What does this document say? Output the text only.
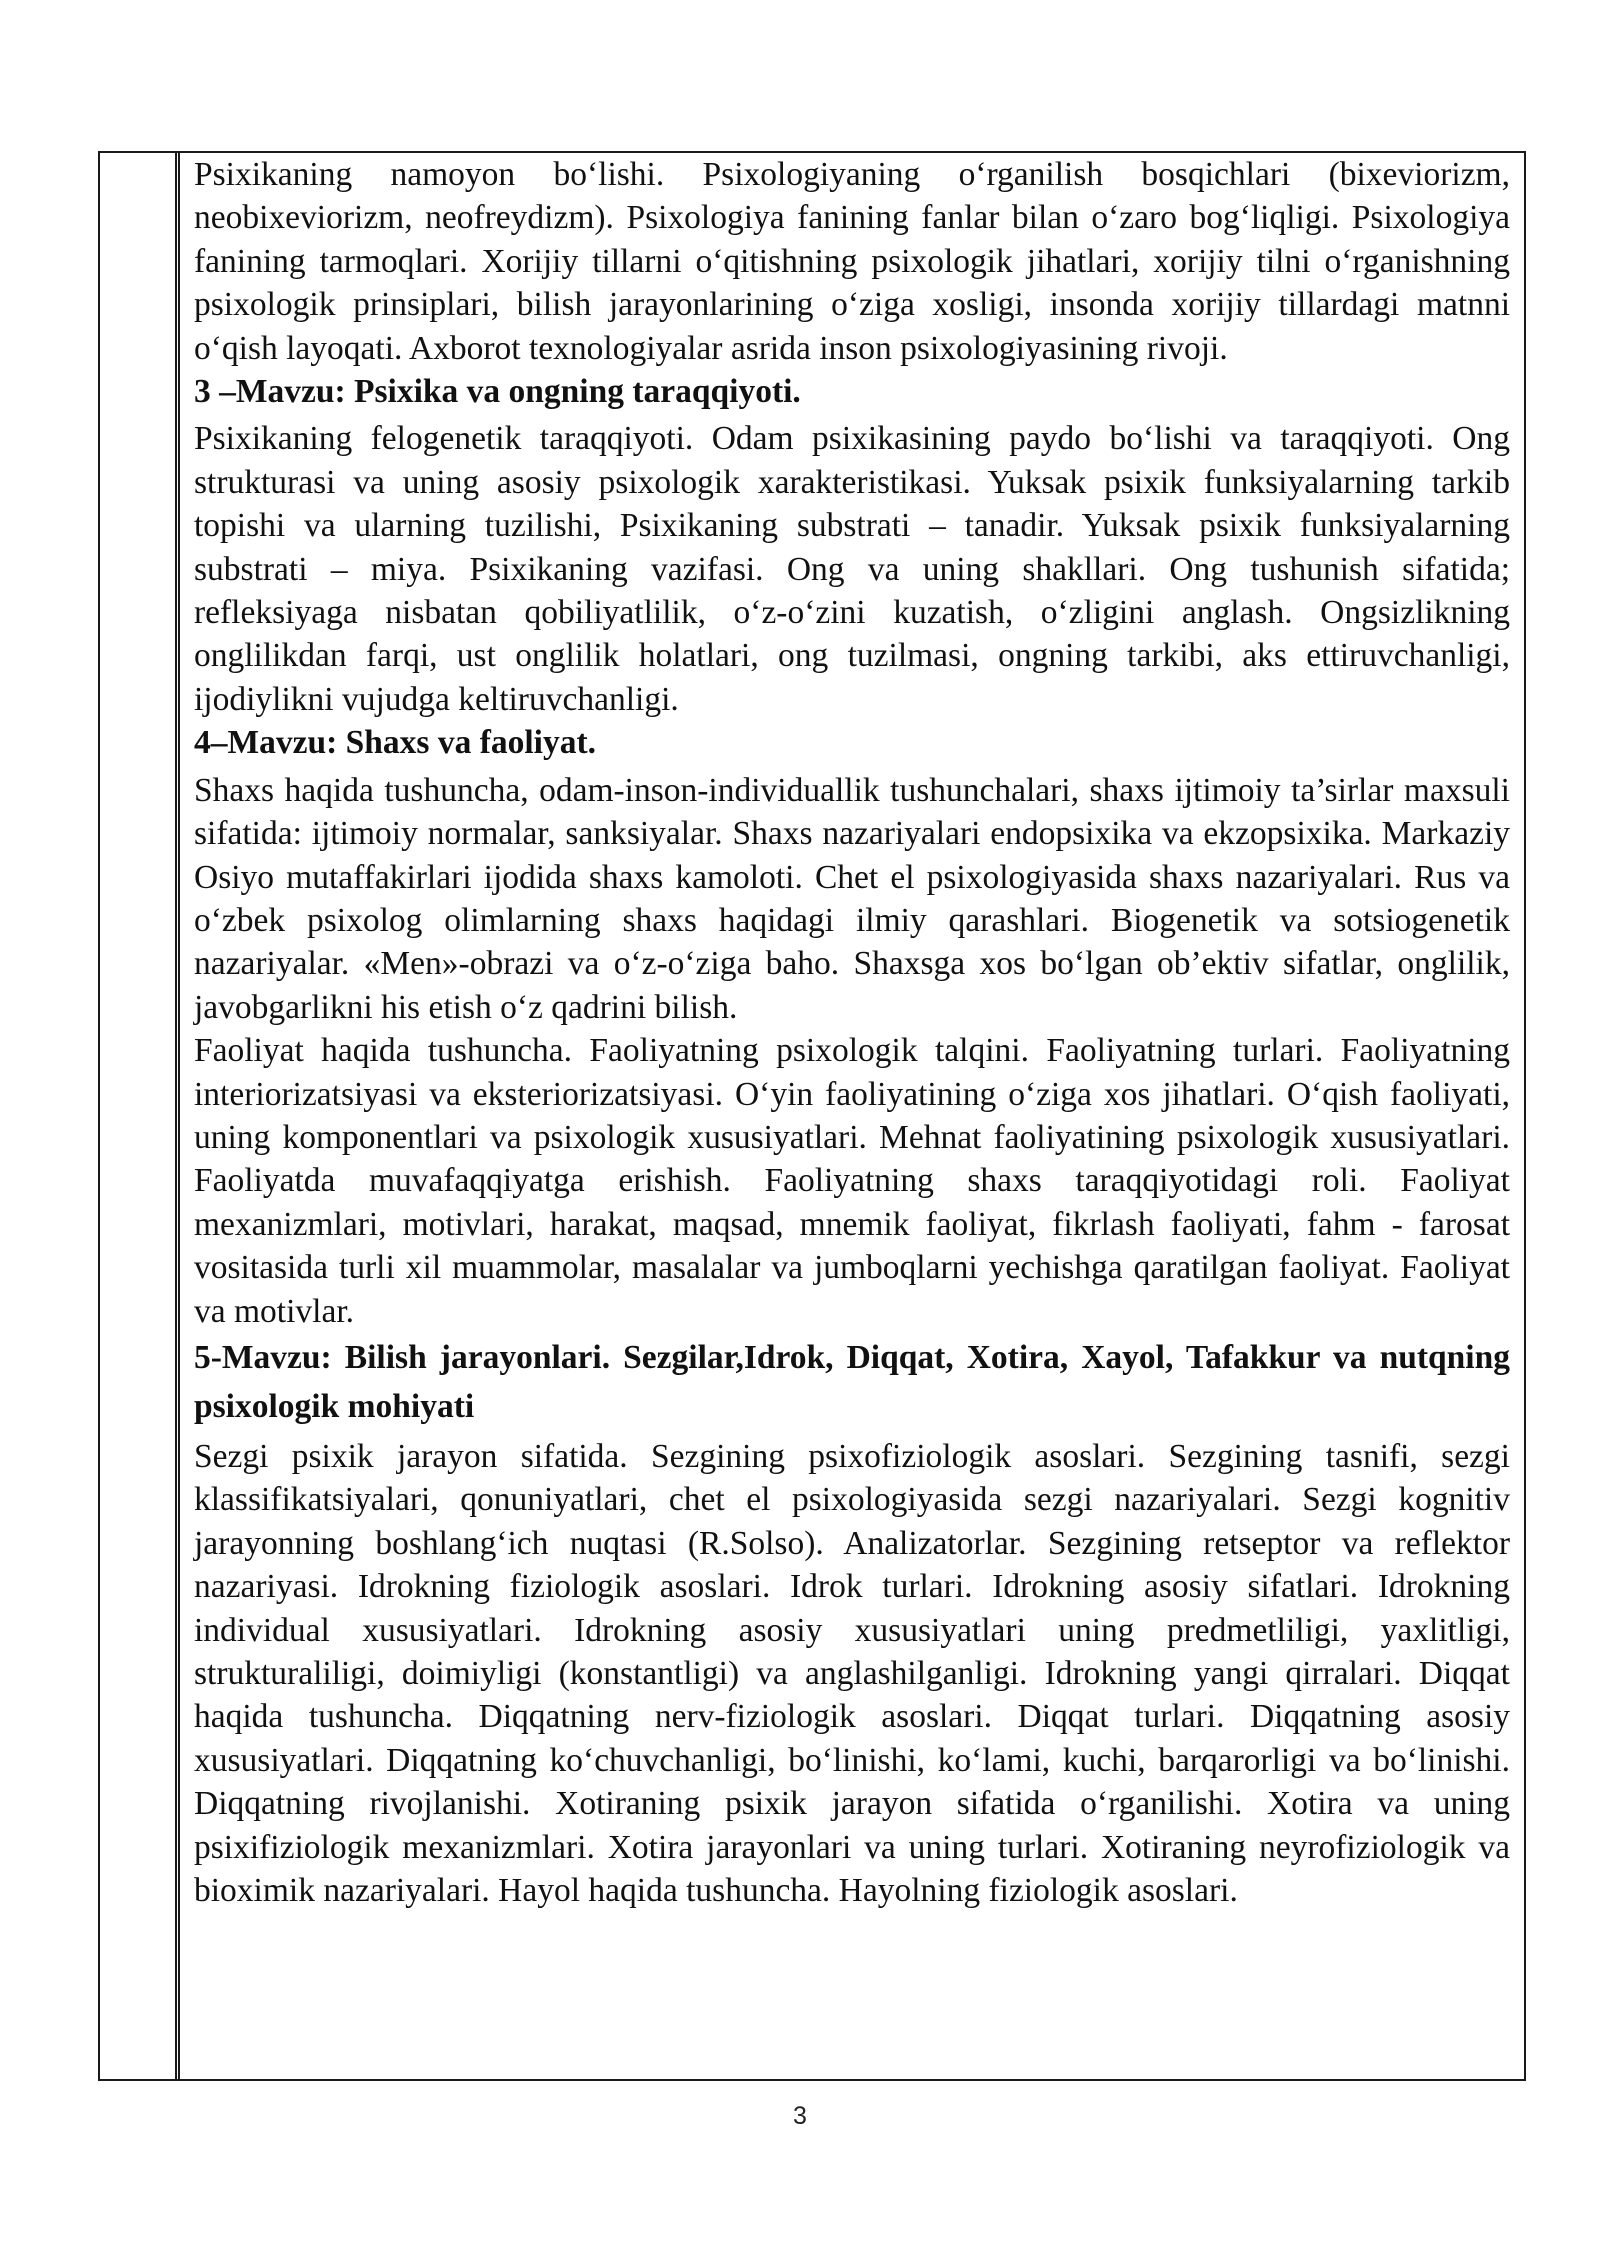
Psixikaning namoyon bo‘lishi. Psixologiyaning o‘rganilish bosqichlari (bixeviorizm, neobixeviorizm, neofreydizm). Psixologiya fanining fanlar bilan o‘zaro bog‘liqligi. Psixologiya fanining tarmoqlari. Xorijiy tillarni o‘qitishning psixologik jihatlari, xorijiy tilni o‘rganishning psixologik prinsiplari, bilish jarayonlarining o‘ziga xosligi, insonda xorijiy tillardagi matnni o‘qish layoqati. Axborot texnologiyalar asrida inson psixologiyasining rivoji.

3 –Mavzu: Psixika va ongning taraqqiyoti.

Psixikaning felogenetik taraqqiyoti. Odam psixikasining paydo bo‘lishi va taraqqiyoti. Ong strukturasi va uning asosiy psixologik xarakteristikasi. Yuksak psixik funksiyalarning tarkib topishi va ularning tuzilishi, Psixikaning substrati – tanadir. Yuksak psixik funksiyalarning substrati – miya. Psixikaning vazifasi. Ong va uning shakllari. Ong tushunish sifatida; refleksiyaga nisbatan qobiliyatlilik, o‘z-o‘zini kuzatish, o‘zligini anglash. Ongsizlikning onglilikdan farqi, ust onglilik holatlari, ong tuzilmasi, ongning tarkibi, aks ettiruvchanligi, ijodiylikni vujudga keltiruvchanligi.

4–Mavzu: Shaxs va faoliyat.

Shaxs haqida tushuncha, odam-inson-individuallik tushunchalari, shaxs ijtimoiy ta’sirlar maxsuli sifatida: ijtimoiy normalar, sanksiyalar. Shaxs nazariyalari endopsixika va ekzopsixika. Markaziy Osiyo mutaffakirlari ijodida shaxs kamoloti. Chet el psixologiyasida shaxs nazariyalari. Rus va o‘zbek psixolog olimlarning shaxs haqidagi ilmiy qarashlari. Biogenetik va sotsiogenetik nazariyalar. «Men»-obrazi va o‘z-o‘ziga baho. Shaxsga xos bo‘lgan ob’ektiv sifatlar, onglilik, javobgarlikni his etish o‘z qadrini bilish.

Faoliyat haqida tushuncha. Faoliyatning psixologik talqini. Faoliyatning turlari. Faoliyatning interiorizatsiyasi va eksteriorizatsiyasi. O‘yin faoliyatining o‘ziga xos jihatlari. O‘qish faoliyati, uning komponentlari va psixologik xususiyatlari. Mehnat faoliyatining psixologik xususiyatlari. Faoliyatda muvafaqqiyatga erishish. Faoliyatning shaxs taraqqiyotidagi roli. Faoliyat mexanizmlari, motivlari, harakat, maqsad, mnemik faoliyat, fikrlash faoliyati, fahm - farosat vositasida turli xil muammolar, masalalar va jumboqlarni yechishga qaratilgan faoliyat. Faoliyat va motivlar.

5-Mavzu: Bilish jarayonlari. Sezgilar,Idrok, Diqqat, Xotira, Xayol, Tafakkur va nutqning psixologik mohiyati

Sezgi psixik jarayon sifatida. Sezgining psixofiziologik asoslari. Sezgining tasnifi, sezgi klassifikatsiyalari, qonuniyatlari, chet el psixologiyasida sezgi nazariyalari. Sezgi kognitiv jarayonning boshlang‘ich nuqtasi (R.Solso). Analizatorlar. Sezgining retseptor va reflektor nazariyasi. Idrokning fiziologik asoslari. Idrok turlari. Idrokning asosiy sifatlari. Idrokning individual xususiyatlari. Idrokning asosiy xususiyatlari uning predmetliligi, yaxlitligi, strukturaliligi, doimiyligi (konstantligi) va anglashilganligi. Idrokning yangi qirralari. Diqqat haqida tushuncha. Diqqatning nerv-fiziologik asoslari. Diqqat turlari. Diqqatning asosiy xususiyatlari. Diqqatning ko‘chuvchanligi, bo‘linishi, ko‘lami, kuchi, barqarorligi va bo‘linishi. Diqqatning rivojlanishi. Xotiraning psixik jarayon sifatida o‘rganilishi. Xotira va uning psixifiziologik mexanizmlari. Xotira jarayonlari va uning turlari. Xotiraning neyrofiziologik va bioximik nazariyalari. Hayol haqida tushuncha. Hayolning fiziologik asoslari.

3
